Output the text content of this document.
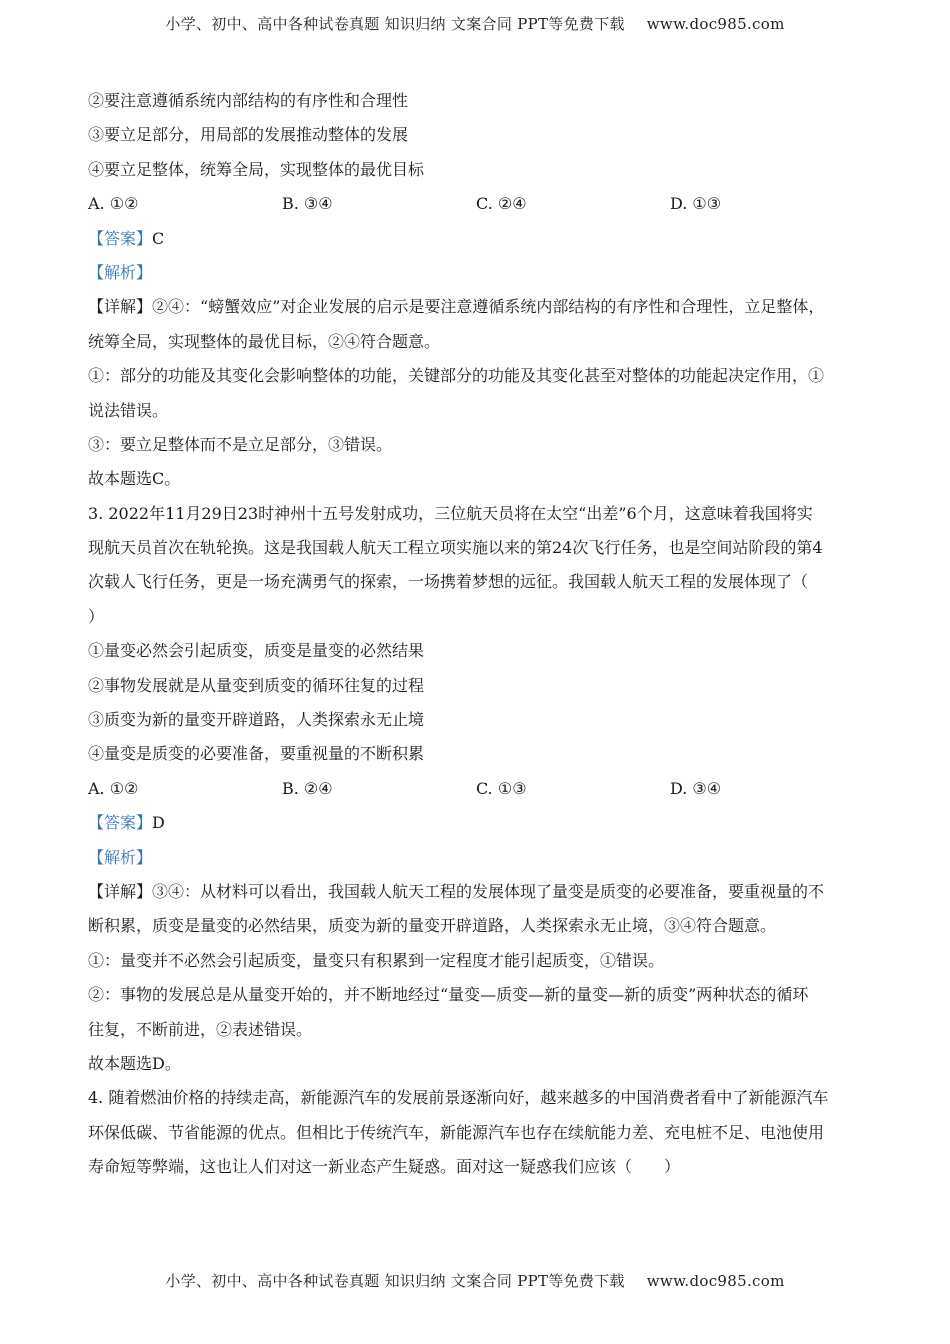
小学、初中、高中各种试卷真题 知识归纳 文案合同 PPT等免费下载 www.doc985.com
②要注意遵循系统内部结构的有序性和合理性
③要立足部分，用局部的发展推动整体的发展
④要立足整体，统筹全局，实现整体的最优目标
A. ①②	B. ③④	C. ②④	D. ①③
【答案】C
【解析】
【详解】②④：“螃蟹效应”对企业发展的启示是要注意遵循系统内部结构的有序性和合理性，立足整体，
统筹全局，实现整体的最优目标，②④符合题意。
①：部分的功能及其变化会影响整体的功能，关键部分的功能及其变化甚至对整体的功能起决定作用，①
说法错误。
③：要立足整体而不是立足部分，③错误。
故本题选C。
3. 2022年11月29日23时神州十五号发射成功，三位航天员将在太空“出差”6个月，这意味着我国将实
现航天员首次在轨轮换。这是我国载人航天工程立项实施以来的第24次飞行任务，也是空间站阶段的第4
次载人飞行任务，更是一场充满勇气的探索，一场携着梦想的远征。我国载人航天工程的发展体现了（
）
①量变必然会引起质变，质变是量变的必然结果
②事物发展就是从量变到质变的循环往复的过程
③质变为新的量变开辟道路，人类探索永无止境
④量变是质变的必要准备，要重视量的不断积累
A. ①②	B. ②④	C. ①③	D. ③④
【答案】D
【解析】
【详解】③④：从材料可以看出，我国载人航天工程的发展体现了量变是质变的必要准备，要重视量的不
断积累，质变是量变的必然结果，质变为新的量变开辟道路，人类探索永无止境，③④符合题意。
①：量变并不必然会引起质变，量变只有积累到一定程度才能引起质变，①错误。
②：事物的发展总是从量变开始的，并不断地经过“量变—质变—新的量变—新的质变”两种状态的循环
往复，不断前进，②表述错误。
故本题选D。
4. 随着燃油价格的持续走高，新能源汽车的发展前景逐渐向好，越来越多的中国消费者看中了新能源汽车
环保低碳、节省能源的优点。但相比于传统汽车，新能源汽车也存在续航能力差、充电桩不足、电池使用
寿命短等弊端，这也让人们对这一新业态产生疑惑。面对这一疑惑我们应该（　　）
小学、初中、高中各种试卷真题 知识归纳 文案合同 PPT等免费下载 www.doc985.com
